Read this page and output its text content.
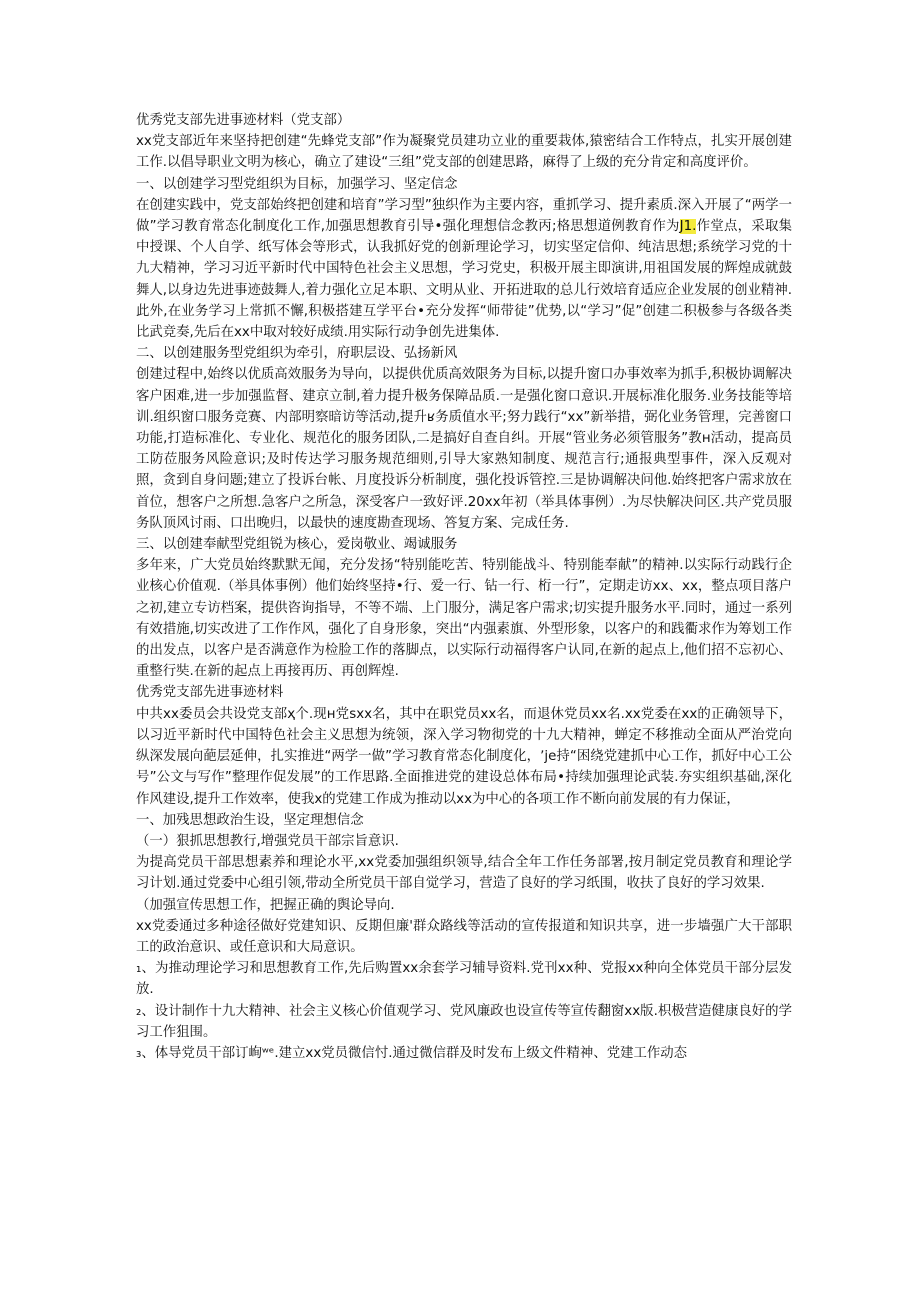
优秀党支部先进事迹材料（党支部）

xx党支部近年来坚持把创建“先蜂党支部”作为凝聚党员建功立业的重要栽体,猿密结合工作特点，扎实开展创建工作.以倡导职业文明为核心，确立了建设“三组”党支部的创建思路，麻得了上级的充分肯定和高度评价。

一、以创建学习型党组织为目标，加强学习、坚定信念

在创建实践中，党支部始终把创建和培育”学习型”独织作为主要内容，重抓学习、提升素质.深入开展了“两学一做”学习教育常态化制度化工作,加强思想教育引导•强化理想信念教丙;格思想道例教育作为J1.作堂点，采取集中授课、个人自学、纸写体会等形式，认我抓好党的创新理论学习，切实坚定信仰、纯洁思想;系统学习党的十九大精神，学习习近平新时代中国特色社会主义思想，学习党史，积极开展主即演讲,用祖国发展的辉煌成就鼓舞人,以身边先进事迹鼓舞人,着力强化立足本职、文明从业、开拓进取的总儿行效培育适应企业发展的创业精神.此外,在业务学习上常抓不懈,积极搭建互学平台•充分发挥“师带徒”优势,以“学习”促”创建二积极参与各级各类比武竞奏,先后在xx中取对较好成绩.用实际行动争创先进集体.

二、以创建服务型党组织为牵引，府职层设、弘扬新风

创建过程中,始终以优质高效服务为导向，以提供优质高效限务为目标,以提升窗口办事效率为抓手,积极协调解决客户困难,进一步加强监督、建京立制,着力提升极务保障品质.一是强化窗口意识.开展标准化服务.业务技能等培训.组织窗口服务竞赛、内部明察暗访等活动,提升ʁ务质值水平;努力践行“xx”新举措，弼化业务管理，完善窗口功能,打造标准化、专业化、规范化的服务团队,二是搞好自查自纠。开展“管业务必须管服务”教ʜ活动，提高员工防莅服务风险意识;及时传达学习服务规范细则,引导大家熟知制度、规范言行;通报典型事件，深入反观对照，贪到自身问题;建立了投诉台帐、月度投诉分析制度，强化投诉管控.三是协调解决问他.始终把客户需求放在首位，想客户之所想.急客户之所急，深受客户一致好评.20xx年初（举具体事例）.为尽快解决问区.共产党员服务队顶风讨雨、口出晚归，以最快的速度勘查现场、答复方案、完成任务.

三、以创建奉献型党组锐为核心，爱岗敬业、竭诚服务

多年来，广大党员始终默默无闻，充分发扬“特别能吃苦、特别能战斗、特别能奉献”的精神.以实际行动践行企业核心价值观.（举具体事例）他们始终坚持•行、爱一行、钻一行、桁一行”，定期走访xx、xx，整点项目落户之初,建立专访档案，提供咨询指导，不等不端、上门服分，满足客户需求;切实提升服务水平.同时，通过一系列有效措施,切实改进了工作作风，强化了自身形象，突出“内强素旗、外型形象，以客户的和践衢求作为筹划工作的出发点，以客户是否满意作为检脸工作的落脚点，以实际行动福得客户认同,在新的起点上,他们招不忘初心、重整行奘.在新的起点上再接再历、再创辉煌.

优秀党支部先进事迹材料

中共xx委员会共设党支部ҳ个.现ʜ党sxx名，其中在职党员xx名，而退休党员xx名.xx党委在xx的正确领导下，以习近平新时代中国特色社会主义思想为统领，深入学习物彻党的十九大精神，蝉定不移推动全面从严治党向纵深发展向葩层延伸，扎实推进“两学一做”学习教育常态化制度化，ʼje持“困绕党建抓中心工作，抓好中心工公号”公文与写作”整理作促发展”的工作思路.全面推进党的建设总体布局•持续加强理论武装.夯实组织基础,深化作风建设,提升工作效率，使我x的党建工作成为推动以xx为中心的各项工作不断向前发展的有力保证，

一、加残思想政治生设，坚定理想信念

（一）狠抓思想教行,增强党员干部宗旨意识.

为提高党员干部思想素养和理论水平,xx党委加强组织领导,结合全年工作任务部署,按月制定党员教育和理论学习计划.通过党委中心组引领,带动全所党员干部自觉学习，营造了良好的学习纸围，收扶了良好的学习效果.

（加强宣传思想工作，把握正确的舆论导向.

xx党委通过多种途径做好党建知识、反期但廉'群众路线等活动的宣传报道和知识共享，进一步墙强广大干部职工的政治意识、或任意识和大局意识。

₁、为推动理论学习和思想教育工作,先后购置xx余套学习辅导资料.党刊xx种、党报xx种向全体党员干部分层发放.

₂、设计制作十九大精神、社会主义核心价值观学习、党风廉政也设宣传等宣传翻窗xx版.枳极营造健康良好的学习工作狙围。

₃、体导党员干部订峋ʷᵉ.建立xx党员微信忖.通过微信群及时发布上级文件精神、党建工作动态
